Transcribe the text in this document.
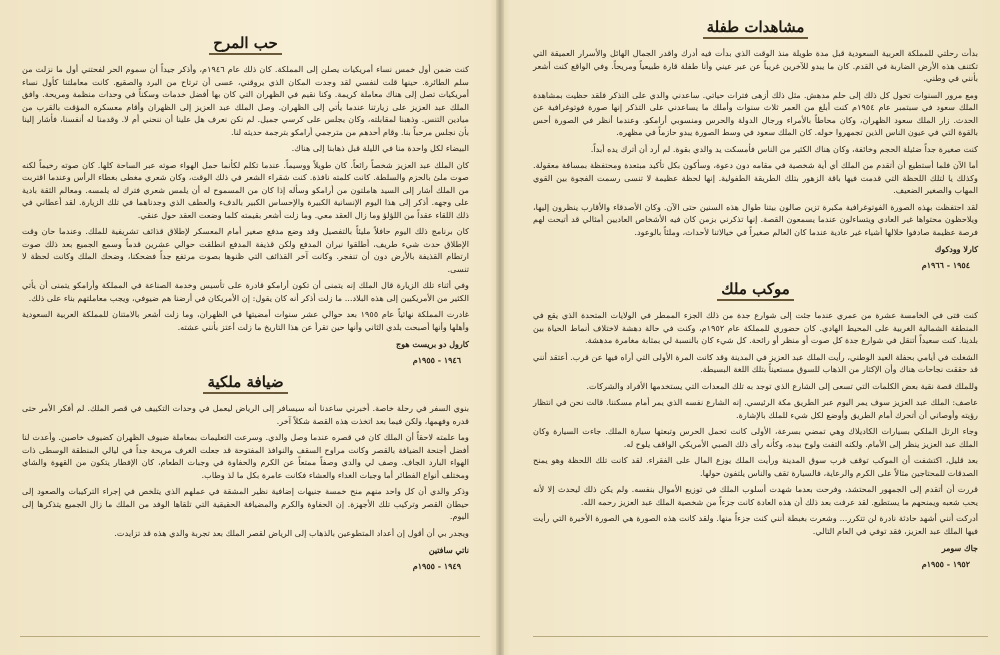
حب المرح

كنت ضمن أول خمس نساء أمريكيات يصلن إلى المملكة. كان ذلك عام ١٩٤٦م، وأذكر جيداً أن سموم الحر لفحتني أول ما نزلت من سلم الطائرة. حينها قلت لنفسي لقد وجدت المكان الذي يروقني، عسى أن ترتاح من البرد والصقيع. كانت معاملتنا كأول نساء أمريكيات تصل إلى هناك معاملة كريمة. وكنا نقيم في الظهران التي كان بها أفضل خدمات وسكناً في وحدات منظمة ومريحة. وافق الملك عبد العزيز على زيارتنا عندما يأتي إلى الظهران. وصل الملك عبد العزيز إلى الظهران وأقام معسكره المؤقت بالقرب من ميادين التنس. وذهبنا لمقابلته، وكان يجلس على كرسي جميل. لم نكن نعرف هل علينا أن ننحني أم لا. وقدمنا له أنفسنا، فأشار إلينا بأن نجلس مرحباً بنا. وقام أحدهم من مترجمي أرامكو بترجمة حديثه لنا.

البيضاء لكل واحدة منا في الليلة قبل ذهابنا إلى هناك.

كان الملك عبد العزيز شخصاً رائعاً. كان طويلاً ووسيماً. عندما تكلم لكأنما حمل الهواء صوته عبر الساحة كلها. كان صوته رخيماً لكنه صوت ملئ بالحزم والسلطة. كانت كلمته نافذة. كنت شقراء الشعر في ذلك الوقت، وكان شعري مغطى بغطاء الرأس وعندما اقتربت من الملك أشار إلى السيد هاملتون من أرامكو وسأله إذا كان من المسموح له أن يلمس شعري فترك له يلمسه. ومعالم الثقة بادية على وجهه. أذكر إلى هذا اليوم الإنسانية الكبيرة والإحساس الكبير بالدفء والعطف الذي وجدناهما في تلك الزيارة. لقد أعطاني في ذلك اللقاء عقداً من اللؤلؤ وما زال العقد معي. وما زلت أشعر بقيمته كلما وضعت العقد حول عنقي.

كان برنامج ذلك اليوم حافلاً مليئاً بالتفصيل وقد وضع مدفع صغير أمام المعسكر لإطلاق قذائف تشريفية للملك. وعندما حان وقت الإطلاق حدث شيء طريف، أطلقوا نيران المدفع ولكن قذيفة المدفع انطلقت حوالي عشرين قدماً وسمع الجميع بعد ذلك صوت ارتطام القذيفة بالأرض دون أن تنفجر. وكانت آخر القذائف التي ظنوها بصوت مرتفع جداً فضحكنا، وضحك الملك وكانت لحظة لا تنسى.

وفي أثناء تلك الزيارة قال الملك إنه يتمنى أن تكون أرامكو قادرة على تأسيس وخدمة الصناعة في المملكة وأرامكو يتمنى أن يأتي الكثير من الأمريكيين إلى هذه البلاد... ما زلت أذكر أنه كان يقول: إن الأمريكان في أرضنا هم ضيوفي، ويجب معاملتهم بناء على ذلك.

غادرت المملكة نهائياً عام ١٩٥٥ بعد حوالي عشر سنوات أمضيتها في الظهران، وما زلت أشعر بالامتنان للمملكة العربية السعودية وأهلها وأنها أصبحت بلدي الثاني وأنها حين تقرأ عن هذا التاريخ ما زلت أعتز بأنني عشته.

كارول دو بريست هوج
١٩٤٦ - ١٩٥٥م
ضيافة ملكية

بنوي السفر في رحلة خاصة. أخبرني ساعدنا أنه سيسافر إلى الرياض ليعمل في وحدات التكييف في قصر الملك. لم أفكر الأمر حتى قدره وفهمها، ولكن فيما بعد اتخذت هذه القصة شكلاً آخر.

وما علمته لاحقاً أن الملك كان في قصره عندما وصل والدي. وسرعت التعليمات بمعاملة ضيوف الظهران كضيوف خاصين. وأعدت لنا أفضل أجنحة الضيافة بالقصر وكانت مراوح السقف والنوافذ المفتوحة قد جعلت الغرف مريحة جداً في ليالي المنطقة الوسطى ذات الهواء البارد الجاف. وصف لي والدي وصفاً ممتعاً عن الكرم والحفاوة في وجبات الطعام، كان الإفطار يتكون من القهوة والشاي ومختلف أنواع الفطائر أما وجبات الغداء والعشاء فكانت عامرة بكل ما لذ وطاب.

وذكر والدي أن كل واحد منهم منح خمسة جنيهات إضافية نظير المشقة في عملهم الذي يتلخص في إجراء التركيبات والصعود إلى حيطان القصر وتركيب تلك الأجهزة. إن الحفاوة والكرم والمضيافة الحقيقية التي تلقاها الوفد من الملك ما زال الجميع يتذكرها إلى اليوم.

ويجدر بي أن أقول إن أعداد المتطوعين بالذهاب إلى الرياض لقصر الملك بعد تجربة والدي هذه قد تزايدت.

ناتي سافتين
١٩٤٩ - ١٩٥٥م
مشاهدات طفلة

بدأت رحلتي للمملكة العربية السعودية قبل مدة طويلة منذ الوقت الذي بدأت فيه أدرك واقدر الجمال الهائل والأسرار العميقة التي تكتنف هذه الأرض الضاربة في القدم. كان ما يبدو للآخرين غريباً عن عبر عيني وأنا طفلة قارة طبيعياً ومريحاً. وفي الواقع كنت أشعر بأنني في وطني.

ومع مرور السنوات تحول كل ذلك إلى حلم مدهش. مثل ذلك أزهى فترات حياتي. ساعدني والدي على التذكر فلقد حظيت بمشاهدة الملك سعود في سبتمبر عام ١٩٥٤م كنت أبلغ من العمر ثلاث سنوات وأملك ما يساعدني على التذكر إنها صورة فوتوغرافية عن الحدث. زار الملك سعود الظهران، وكان محاطاً بالأمراء ورجال الدولة والحرس ومنسوبي أرامكو. وعندما أنظر في الصورة أحس بالقوة التي في عيون الناس الذين تجمهروا حوله. كان الملك سعود في وسط الصورة يبدو حازماً في مظهره.

كنت صغيرة جداً ضئيلة الحجم وخائفة، وكان هناك الكثير من الناس فأمسكت يد والدي بقوة. لم أرد أن أترك يده أبداً.

أما الآن فلما أستطيع أن أتقدم من الملك أي أية شخصية في مقامه دون دعوة، وسأكون بكل تأكيد مبتعدة ومحتفظة بمسافة معقولة. وكذلك يا لتلك اللحظة التي قدمت فيها باقة الزهور بتلك الطريقة الطفولية. إنها لحظة عظيمة لا تنسى رسمت الفجوة بين القوي المهاب والصغير الضعيف.

لقد احتفظت بهذه الصورة الفوتوغرافية مكبرة تزين صالون بيتنا طوال هذه السنين حتى الآن. وكان الأصدقاء والأقارب ينظرون إليها، ويلاحظون محتواها غير العادي ويتساءلون عندما يسمعون القصة. إنها تذكرني بزمن كان فيه الأشخاص العاديين أمثالي قد أتيحت لهم فرصة عظيمة صادفوا خلالها أشياء غير عادية عندما كان العالم صغيراً في خيالاتنا لأحداث، وملئاً بالوعود.

كارلا وودكوك
١٩٥٤ - ١٩٦٦م
موكب ملك

كنت فتى في الخامسة عشرة من عمري عندما جئت إلى شوارع جدة من ذلك الجزء الممطر في الولايات المتحدة الذي يقع في المنطقة الشمالية الغربية على المحيط الهادي. كان حضوري للمملكة عام ١٩٥٢م، وكنت في حالة دهشة لاختلاف أنماط الحياة بين بلدينا. كنت سعيداً أتنقل في شوارع جدة كل صوت أو منظر أو رائحة. كل شيء كان بالنسبة لي بمثابة مغامرة مدهشة.

الشغلت في أيامي بحفلة العيد الوطني، رأيت الملك عبد العزيز في المدينة وقد كانت المرة الأولى التي أراه فيها عن قرب. أعتقد أنني قد حققت نجاحات هناك وأن الإكثار من الذهاب للسوق مستعيناً بتلك اللغة البسيطة.

وللملك قصة نقية بعض الكلمات التي تسعى إلى الشارع الذي توجد به تلك المعدات التي يستخدمها الأفراد والشركات.

عاصف: الملك عبد العزيز سوف يمر اليوم عبر الطريق مكة الرئيسي. إنه الشارع نفسه الذي يمر أمام مسكننا. قالت نحن في انتظار رؤيته وأوصاني أن أتحرك أمام الطريق وأوضع لكل شيء للملك بالإشارة.

وجاء الرتل الملكي بسيارات الكاديلاك وهي تمضي بسرعة، الأولى كانت تحمل الحرس وتبعتها سيارة الملك. جاءت السيارة وكان الملك عبد العزيز ينظر إلى الأمام. ولكنه التفت ولوح بيده، وكأنه رأى ذلك الصبي الأمريكي الواقف يلوح له.

بعد قليل، اكتشفت أن الموكب توقف قرب سوق المدينة ورأيت الملك يوزع المال على الفقراء. لقد كانت تلك اللحظة وهو يمنح الصدقات للمحتاجين مثالاً على الكرم والرعاية، فالسيارة تقف والناس يلتفون حولها.

قررت أن أتقدم إلى الجمهور المحتشد، وفرحت بعدما شهدت أسلوب الملك في توزيع الأموال بنفسه. ولم يكن ذلك ليحدث إلا لأنه يحب شعبه ويمنحهم ما يستطيع. لقد عرفت بعد ذلك أن هذه العادة كانت جزءاً من شخصية الملك عبد العزيز رحمه الله.

أدركت أنني أشهد حادثة نادرة لن تتكرر... وشعرت بغبطة أنني كنت جزءاً منها. ولقد كانت هذه الصورة هي الصورة الأخيرة التي رأيت فيها الملك عبد العزيز، فقد توفي في العام التالي.

جاك سومر
١٩٥٢ - ١٩٥٥م
